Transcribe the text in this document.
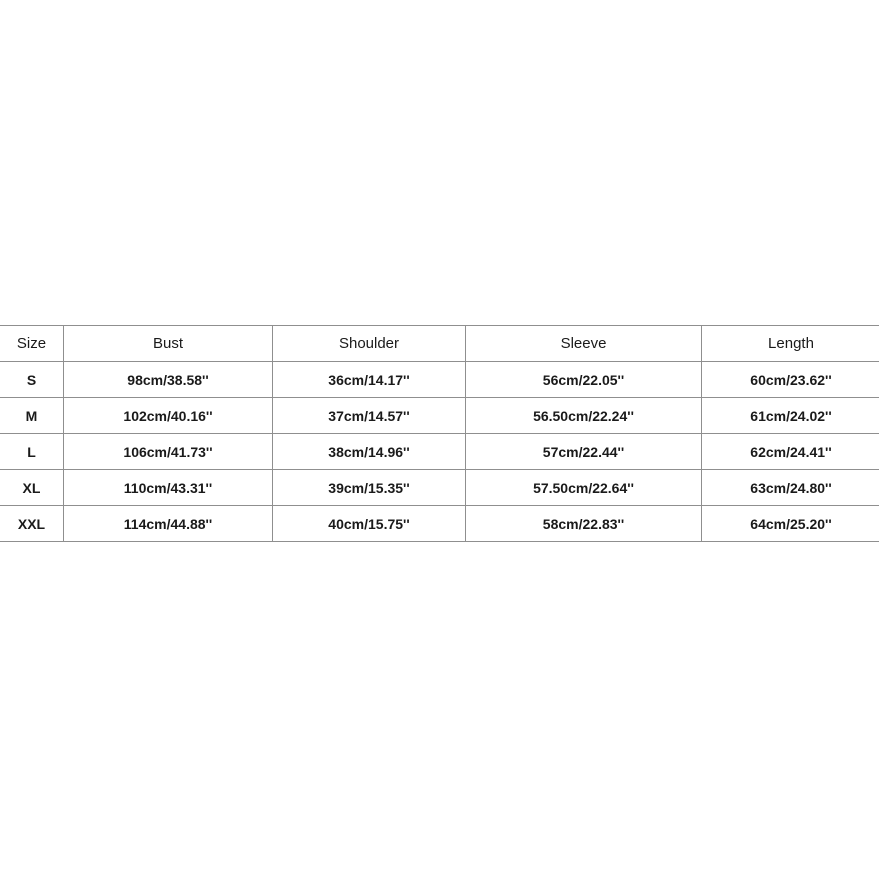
Size	Bust	Shoulder	Sleeve	Length
S	98cm/38.58''	36cm/14.17''	56cm/22.05''	60cm/23.62''
M	102cm/40.16''	37cm/14.57''	56.50cm/22.24''	61cm/24.02''
L	106cm/41.73''	38cm/14.96''	57cm/22.44''	62cm/24.41''
XL	110cm/43.31''	39cm/15.35''	57.50cm/22.64''	63cm/24.80''
XXL	114cm/44.88''	40cm/15.75''	58cm/22.83''	64cm/25.20''
